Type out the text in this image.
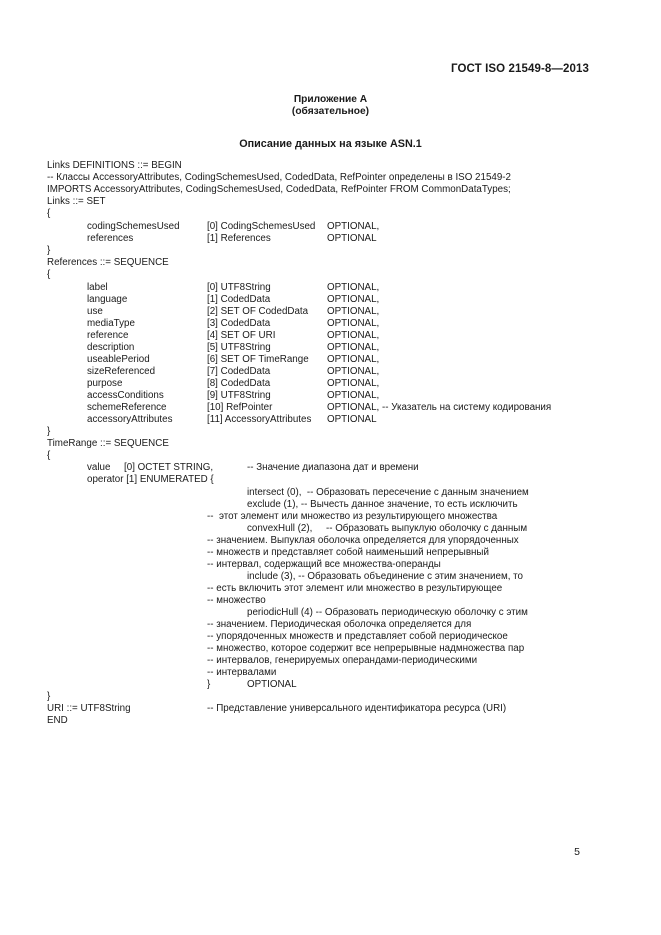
ГОСТ ISO 21549-8—2013
Приложение А
(обязательное)
Описание данных на языке ASN.1
Links DEFINITIONS ::= BEGIN
-- Классы AccessoryAttributes, CodingSchemesUsed, CodedData, RefPointer определены в ISO 21549-2
IMPORTS AccessoryAttributes, CodingSchemesUsed, CodedData, RefPointer FROM CommonDataTypes;
Links ::= SET
{
codingSchemesUsed	[0] CodingSchemesUsed OPTIONAL,
references	[1] References	OPTIONAL
}
References ::= SEQUENCE
{
label	[0] UTF8String	OPTIONAL,
language	[1] CodedData	OPTIONAL,
use	[2] SET OF CodedData OPTIONAL,
mediaType	[3] CodedData	OPTIONAL,
reference	[4] SET OF URI	OPTIONAL,
description	[5] UTF8String	OPTIONAL,
useablePeriod	[6] SET OF TimeRange OPTIONAL,
sizeReferenced	[7] CodedData	OPTIONAL,
purpose	[8] CodedData	OPTIONAL,
accessConditions	[9] UTF8String	OPTIONAL,
schemeReference	[10] RefPointer	OPTIONAL, -- Указатель на систему кодирования
accessoryAttributes	[11] AccessoryAttributes OPTIONAL
}
TimeRange ::= SEQUENCE
{
value     [0] OCTET STRING,	-- Значение диапазона дат и времени
operator [1] ENUMERATED {
intersect (0),  -- Образовать пересечение с данным значением
exclude (1), -- Вычесть данное значение, то есть исключить
--  этот элемент или множество из результирующего множества
convexHull (2),     -- Образовать выпуклую оболочку с данным
-- значением. Выпуклая оболочка определяется для упорядоченных
-- множеств и представляет собой наименьший непрерывный
-- интервал, содержащий все множества-операнды
include (3), -- Образовать объединение с этим значением, то
-- есть включить этот элемент или множество в результирующее
-- множество
periodicHull (4) -- Образовать периодическую оболочку с этим
-- значением. Периодическая оболочка определяется для
-- упорядоченных множеств и представляет собой периодическое
-- множество, которое содержит все непрерывные надмножества пар
-- интервалов, генерируемых операндами-периодическими
-- интервалами
}	OPTIONAL
}
URI ::= UTF8String	-- Представление универсального идентификатора ресурса (URI)
END
5
